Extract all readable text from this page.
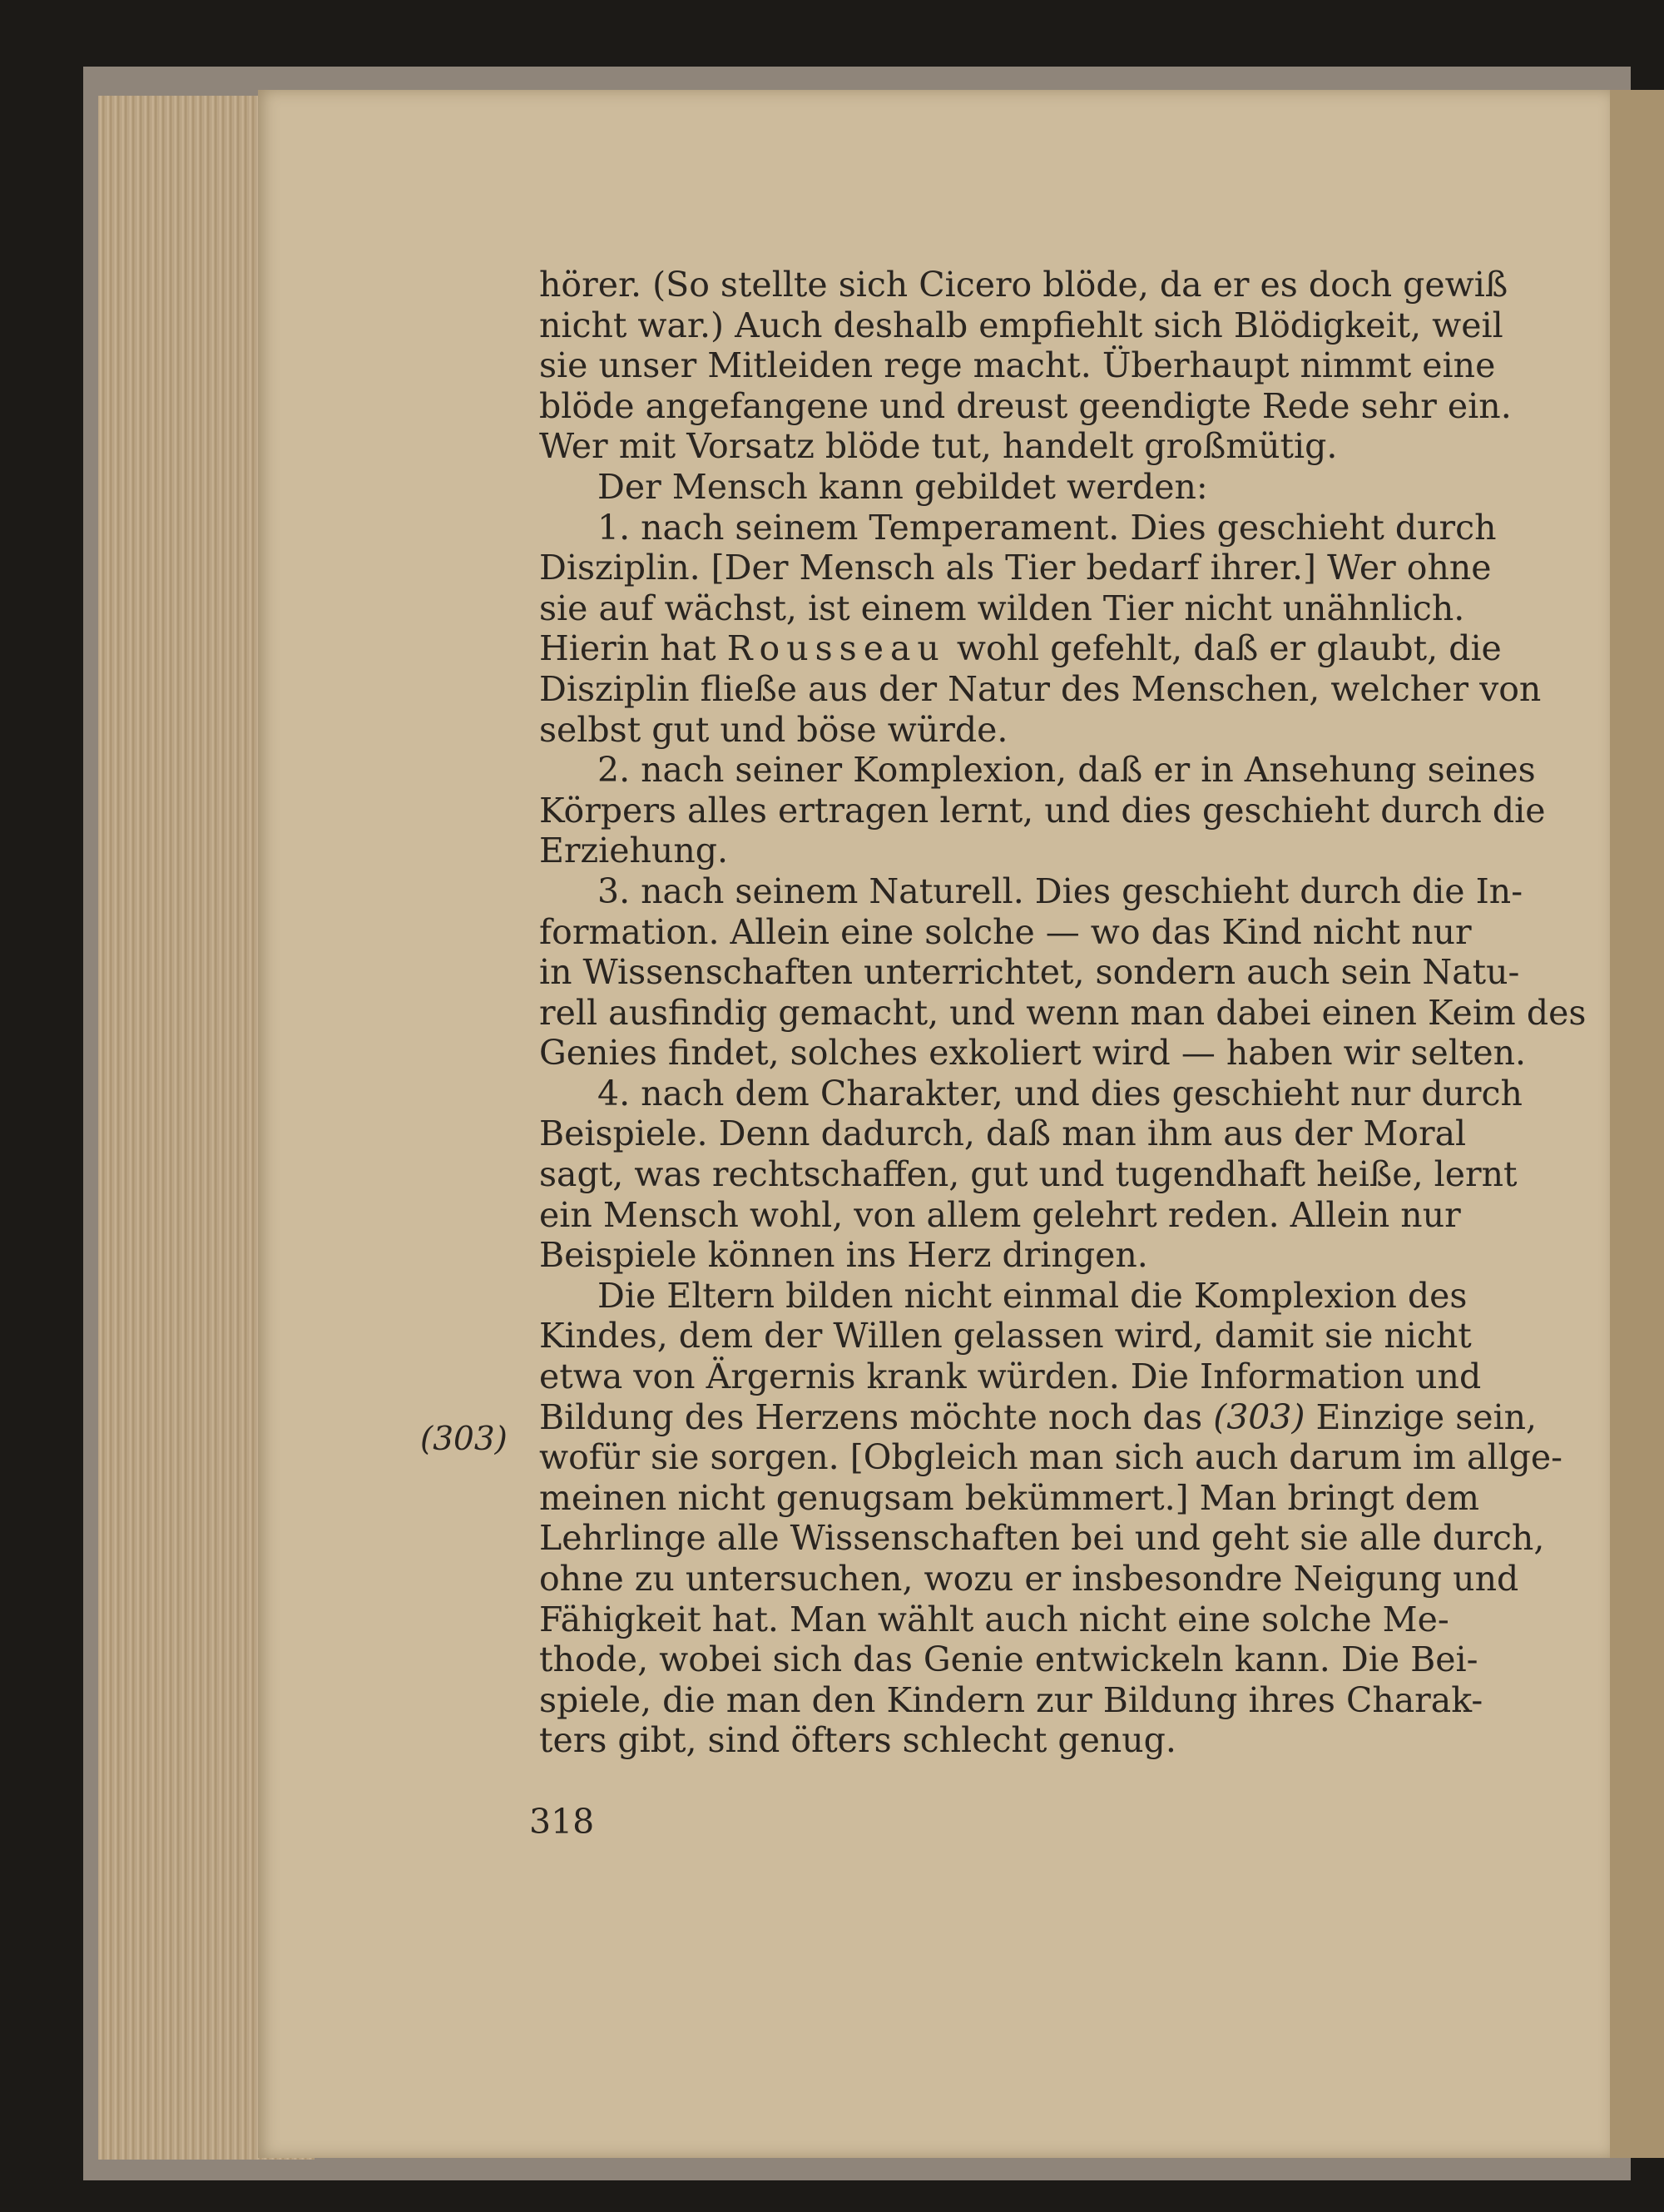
hörer. (So stellte sich Cicero blöde, da er es doch gewiß
nicht war.) Auch deshalb empfiehlt sich Blödigkeit, weil
sie unser Mitleiden rege macht. Überhaupt nimmt eine
blöde angefangene und dreust geendigte Rede sehr ein.
Wer mit Vorsatz blöde tut, handelt großmütig.
Der Mensch kann gebildet werden:
1. nach seinem Temperament. Dies geschieht durch
Disziplin. [Der Mensch als Tier bedarf ihrer.] Wer ohne
sie auf wächst, ist einem wilden Tier nicht unähnlich.
Hierin hat Rousseau wohl gefehlt, daß er glaubt, die
Disziplin fließe aus der Natur des Menschen, welcher von
selbst gut und böse würde.
2. nach seiner Komplexion, daß er in Ansehung seines
Körpers alles ertragen lernt, und dies geschieht durch die
Erziehung.
3. nach seinem Naturell. Dies geschieht durch die In-
formation. Allein eine solche — wo das Kind nicht nur
in Wissenschaften unterrichtet, sondern auch sein Natu-
rell ausfindig gemacht, und wenn man dabei einen Keim des
Genies findet, solches exkoliert wird — haben wir selten.
4. nach dem Charakter, und dies geschieht nur durch
Beispiele. Denn dadurch, daß man ihm aus der Moral
sagt, was rechtschaffen, gut und tugendhaft heiße, lernt
ein Mensch wohl, von allem gelehrt reden. Allein nur
Beispiele können ins Herz dringen.
Die Eltern bilden nicht einmal die Komplexion des
Kindes, dem der Willen gelassen wird, damit sie nicht
etwa von Ärgernis krank würden. Die Information und
Bildung des Herzens möchte noch das (303) Einzige sein,
wofür sie sorgen. [Obgleich man sich auch darum im allge-
meinen nicht genugsam bekümmert.] Man bringt dem
Lehrlinge alle Wissenschaften bei und geht sie alle durch,
ohne zu untersuchen, wozu er insbesondre Neigung und
Fähigkeit hat. Man wählt auch nicht eine solche Me-
thode, wobei sich das Genie entwickeln kann. Die Bei-
spiele, die man den Kindern zur Bildung ihres Charak-
ters gibt, sind öfters schlecht genug.
(303)
318
